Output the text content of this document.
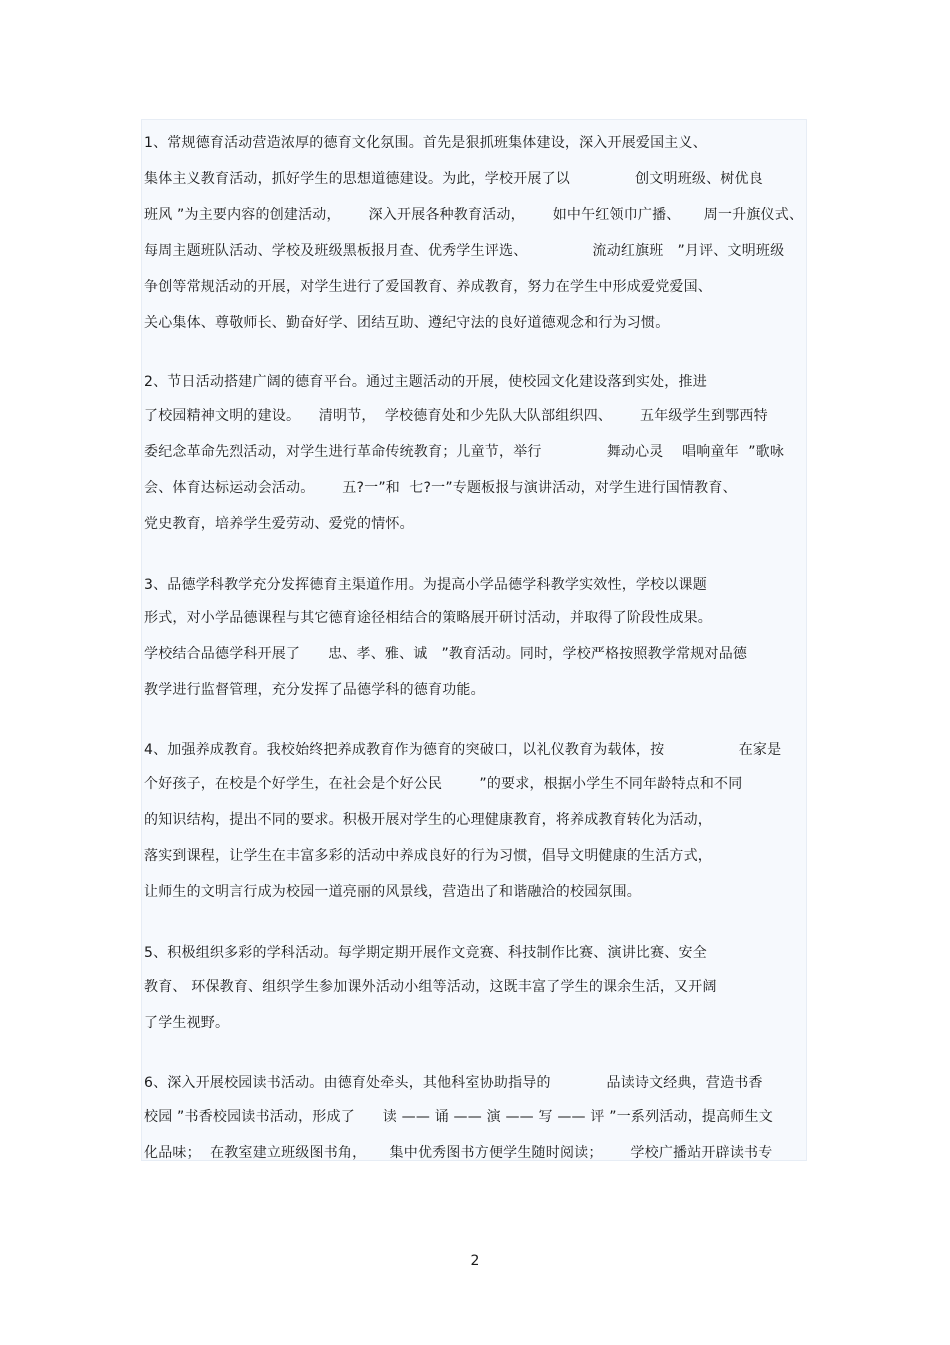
1、常规德育活动营造浓厚的德育文化氛围。首先是狠抓班集体建设，深入开展爱国主义、
集体主义教育活动，抓好学生的思想道德建设。为此，学校开展了以              创文明班级、树优良
班风 ”为主要内容的创建活动，      深入开展各种教育活动，      如中午红领巾广播、     周一升旗仪式、
每周主题班队活动、学校及班级黑板报月查、优秀学生评选、              流动红旗班   ”月评、文明班级
争创等常规活动的开展，对学生进行了爱国教育、养成教育，努力在学生中形成爱党爱国、
关心集体、尊敬师长、勤奋好学、团结互助、遵纪守法的良好道德观念和行为习惯。
2、节日活动搭建广阔的德育平台。通过主题活动的开展，使校园文化建设落到实处，推进
了校园精神文明的建设。    清明节，  学校德育处和少先队大队部组织四、      五年级学生到鄂西特
委纪念革命先烈活动，对学生进行革命传统教育；儿童节，举行              舞动心灵    唱响童年  ”歌咏
会、体育达标运动会活动。      五?一”和  七?一”专题板报与演讲活动，对学生进行国情教育、
党史教育，培养学生爱劳动、爱党的情怀。
3、品德学科教学充分发挥德育主渠道作用。为提高小学品德学科教学实效性，学校以课题
形式，对小学品德课程与其它德育途径相结合的策略展开研讨活动，并取得了阶段性成果。
学校结合品德学科开展了      忠、孝、雅、诚   ”教育活动。同时，学校严格按照教学常规对品德
教学进行监督管理，充分发挥了品德学科的德育功能。
4、加强养成教育。我校始终把养成教育作为德育的突破口，以礼仪教育为载体，按                在家是
个好孩子，在校是个好学生，在社会是个好公民        ”的要求，根据小学生不同年龄特点和不同
的知识结构，提出不同的要求。积极开展对学生的心理健康教育，将养成教育转化为活动，
落实到课程，让学生在丰富多彩的活动中养成良好的行为习惯，倡导文明健康的生活方式，
让师生的文明言行成为校园一道亮丽的风景线，营造出了和谐融洽的校园氛围。
5、积极组织多彩的学科活动。每学期定期开展作文竞赛、科技制作比赛、演讲比赛、安全
教育、 环保教育、组织学生参加课外活动小组等活动，这既丰富了学生的课余生活，又开阔
了学生视野。
6、深入开展校园读书活动。由德育处牵头，其他科室协助指导的            品读诗文经典，营造书香
校园 ”书香校园读书活动，形成了      读 —— 诵 —— 演 —— 写 —— 评 ”一系列活动，提高师生文
化品味；  在教室建立班级图书角，     集中优秀图书方便学生随时阅读；      学校广播站开辟读书专
2
